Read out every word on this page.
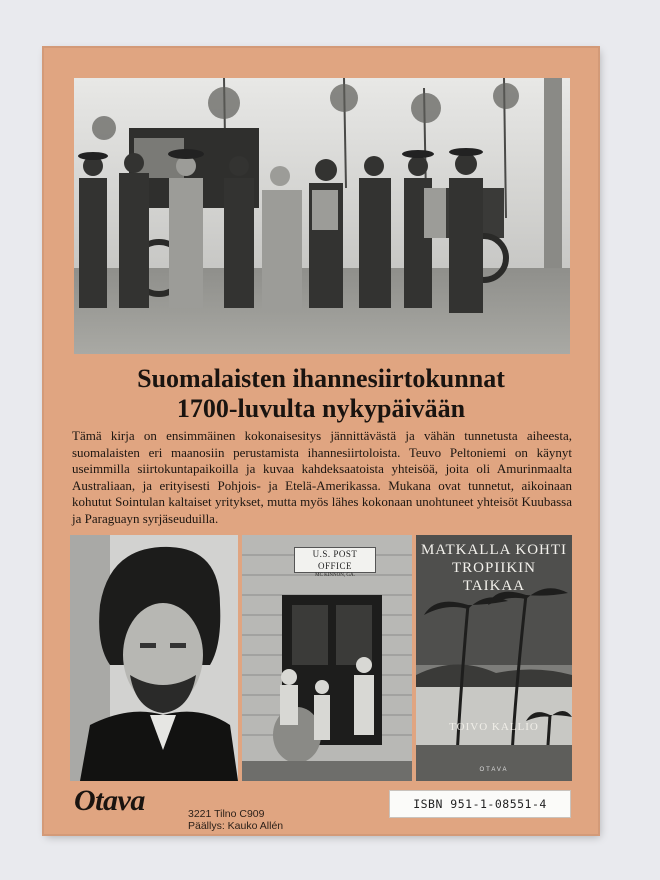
Suomalaisten ihannesiirtokunnat
1700-luvulta nykypäivään

Tämä kirja on ensimmäinen kokonaisesitys jännittävästä ja vähän tunnetusta aiheesta, suomalaisten eri maanosiin perustamista ihannesiirtoloista. Teuvo Peltoniemi on käynyt useimmilla siirtokuntapaikoilla ja kuvaa kahdeksaatoista yhteisöä, joita oli Amurinmaalta Australiaan, ja erityisesti Pohjois- ja Etelä-Amerikassa. Mukana ovat tunnetut, aikoinaan kohutut Sointulan kaltaiset yritykset, mutta myös lähes kokonaan unohtuneet yhteisöt Kuubassa ja Paraguayn syrjäseuduilla.

U.S. POST OFFICE
MC KINNON, GA.
MATKALLA KOHTI
TROPIIKIN
TAIKAA
TOIVO KALLIO
OTAVA
Otava	3221 Tilno C909
Päällys: Kauko Allén
ISBN 951-1-08551-4
